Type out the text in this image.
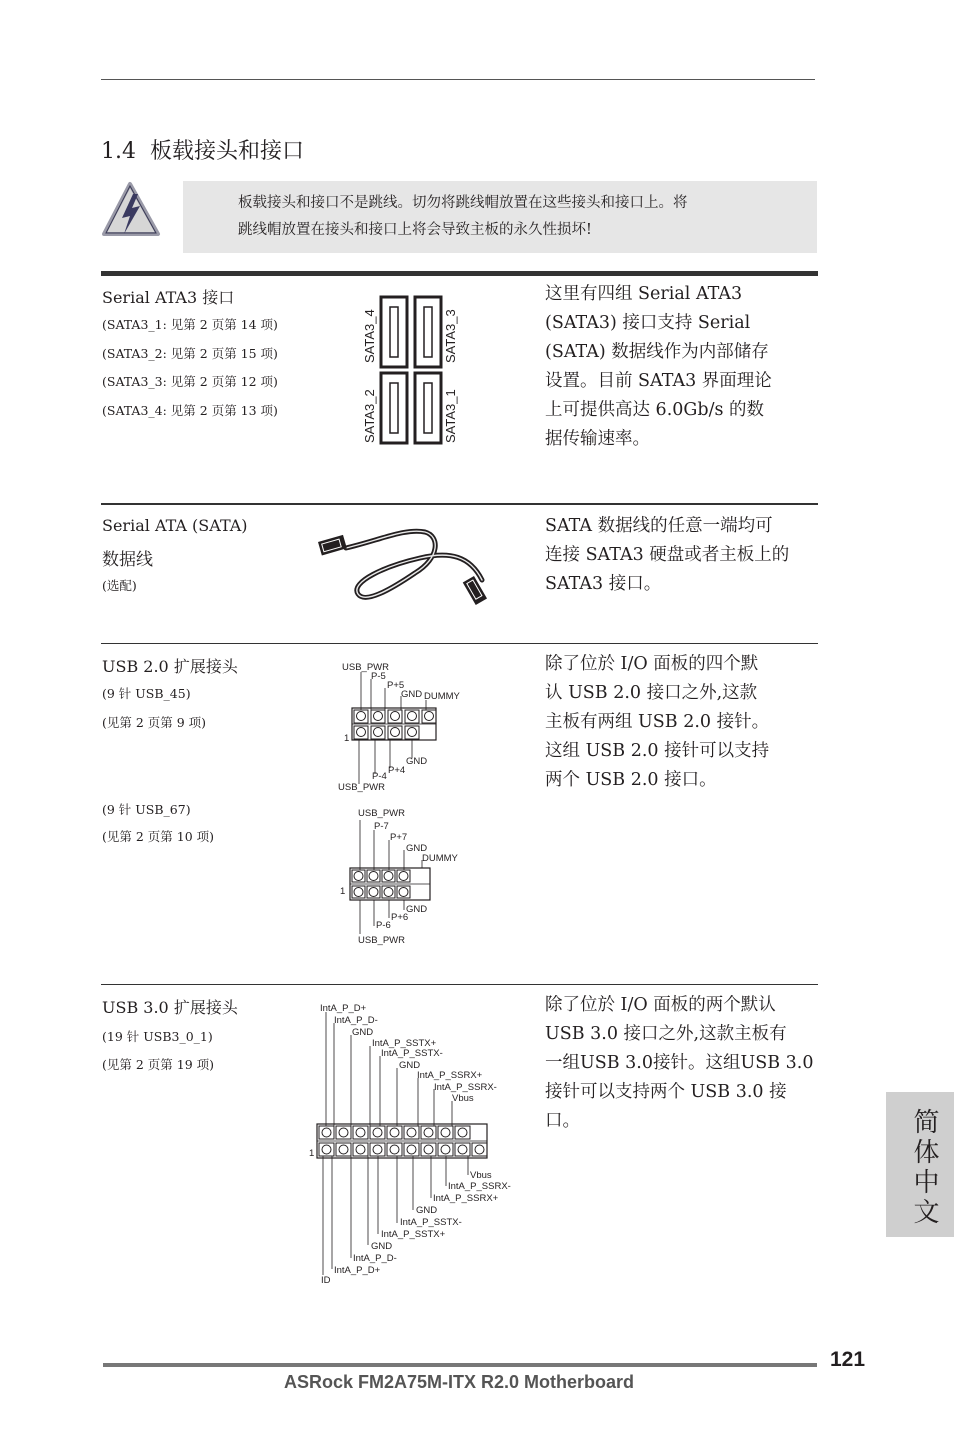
1.4 板载接头和接口
板载接头和接口不是跳线。切勿将跳线帽放置在这些接头和接口上。将
跳线帽放置在接头和接口上将会导致主板的永久性损坏!
Serial ATA3 接口
(SATA3_1: 见第 2 页第 14 项)
(SATA3_2: 见第 2 页第 15 项)
(SATA3_3: 见第 2 页第 12 项)
(SATA3_4: 见第 2 页第 13 项)
SATA3_4	SATA3_3
SATA3_2	SATA3_1
这里有四组 Serial ATA3
(SATA3) 接口支持 Serial
(SATA) 数据线作为内部储存
设置。目前 SATA3 界面理论
上可提供高达 6.0Gb/s 的数
据传输速率。
Serial ATA (SATA)
数据线
(选配)
SATA 数据线的任意一端均可
连接 SATA3 硬盘或者主板上的
SATA3 接口。
USB 2.0 扩展接头
(9 针 USB_45)
(见第 2 页第 9 项)
(9 针 USB_67)
(见第 2 页第 10 项)
USB_PWR
P-5
P+5
GND DUMMY
1
GND
P+4
P-4
USB_PWR
USB_PWR
P-7
P+7
GND
DUMMY
1
GND
P+6
P-6
USB_PWR
除了位於 I/O 面板的四个默
认 USB 2.0 接口之外,这款
主板有两组 USB 2.0 接针。
这组 USB 2.0 接针可以支持
两个 USB 2.0 接口。
USB 3.0 扩展接头
(19 针 USB3_0_1)
(见第 2 页第 19 项)
IntA_P_D+
IntA_P_D-
GND
IntA_P_SSTX+
IntA_P_SSTX-
GND
IntA_P_SSRX+
IntA_P_SSRX-
Vbus
1
Vbus
IntA_P_SSRX-
IntA_P_SSRX+
GND
IntA_P_SSTX-
IntA_P_SSTX+
GND
IntA_P_D-
IntA_P_D+
ID
除了位於 I/O 面板的两个默认
USB 3.0 接口之外,这款主板有
一组USB 3.0接针。这组USB 3.0
接针可以支持两个 USB 3.0 接
口。	简体中文
121
ASRock FM2A75M-ITX R2.0 Motherboard
